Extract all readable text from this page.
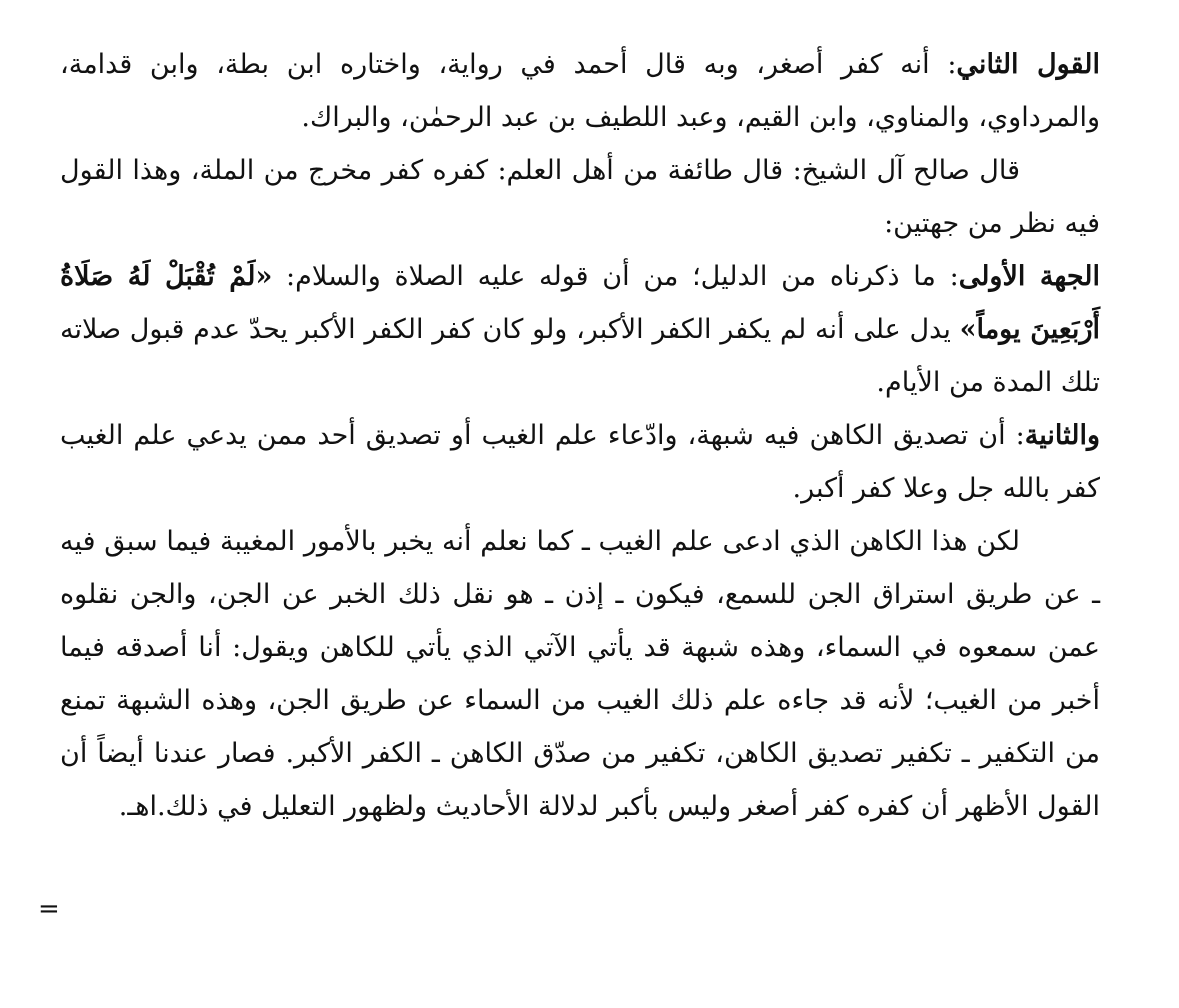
القول الثاني: أنه كفر أصغر، وبه قال أحمد في رواية، واختاره ابن بطة، وابن قدامة، والمرداوي، والمناوي، وابن القيم، وعبد اللطيف بن عبد الرحمٰن، والبراك.

قال صالح آل الشيخ: قال طائفة من أهل العلم: كفره كفر مخرج من الملة، وهذا القول فيه نظر من جهتين:

الجهة الأولى: ما ذكرناه من الدليل؛ من أن قوله عليه الصلاة والسلام: «لَمْ تُقْبَلْ لَهُ صَلَاةُ أَرْبَعِينَ يوماً» يدل على أنه لم يكفر الكفر الأكبر، ولو كان كفر الكفر الأكبر يحدّ عدم قبول صلاته تلك المدة من الأيام.

والثانية: أن تصديق الكاهن فيه شبهة، وادّعاء علم الغيب أو تصديق أحد ممن يدعي علم الغيب كفر بالله جل وعلا كفر أكبر.

لكن هذا الكاهن الذي ادعى علم الغيب ـ كما نعلم أنه يخبر بالأمور المغيبة فيما سبق فيه ـ عن طريق استراق الجن للسمع، فيكون ـ إذن ـ هو نقل ذلك الخبر عن الجن، والجن نقلوه عمن سمعوه في السماء، وهذه شبهة قد يأتي الآتي الذي يأتي للكاهن ويقول: أنا أصدقه فيما أخبر من الغيب؛ لأنه قد جاءه علم ذلك الغيب من السماء عن طريق الجن، وهذه الشبهة تمنع من التكفير ـ تكفير تصديق الكاهن، تكفير من صدّق الكاهن ـ الكفر الأكبر. فصار عندنا أيضاً أن القول الأظهر أن كفره كفر أصغر وليس بأكبر لدلالة الأحاديث ولظهور التعليل في ذلك.اهـ.

=
